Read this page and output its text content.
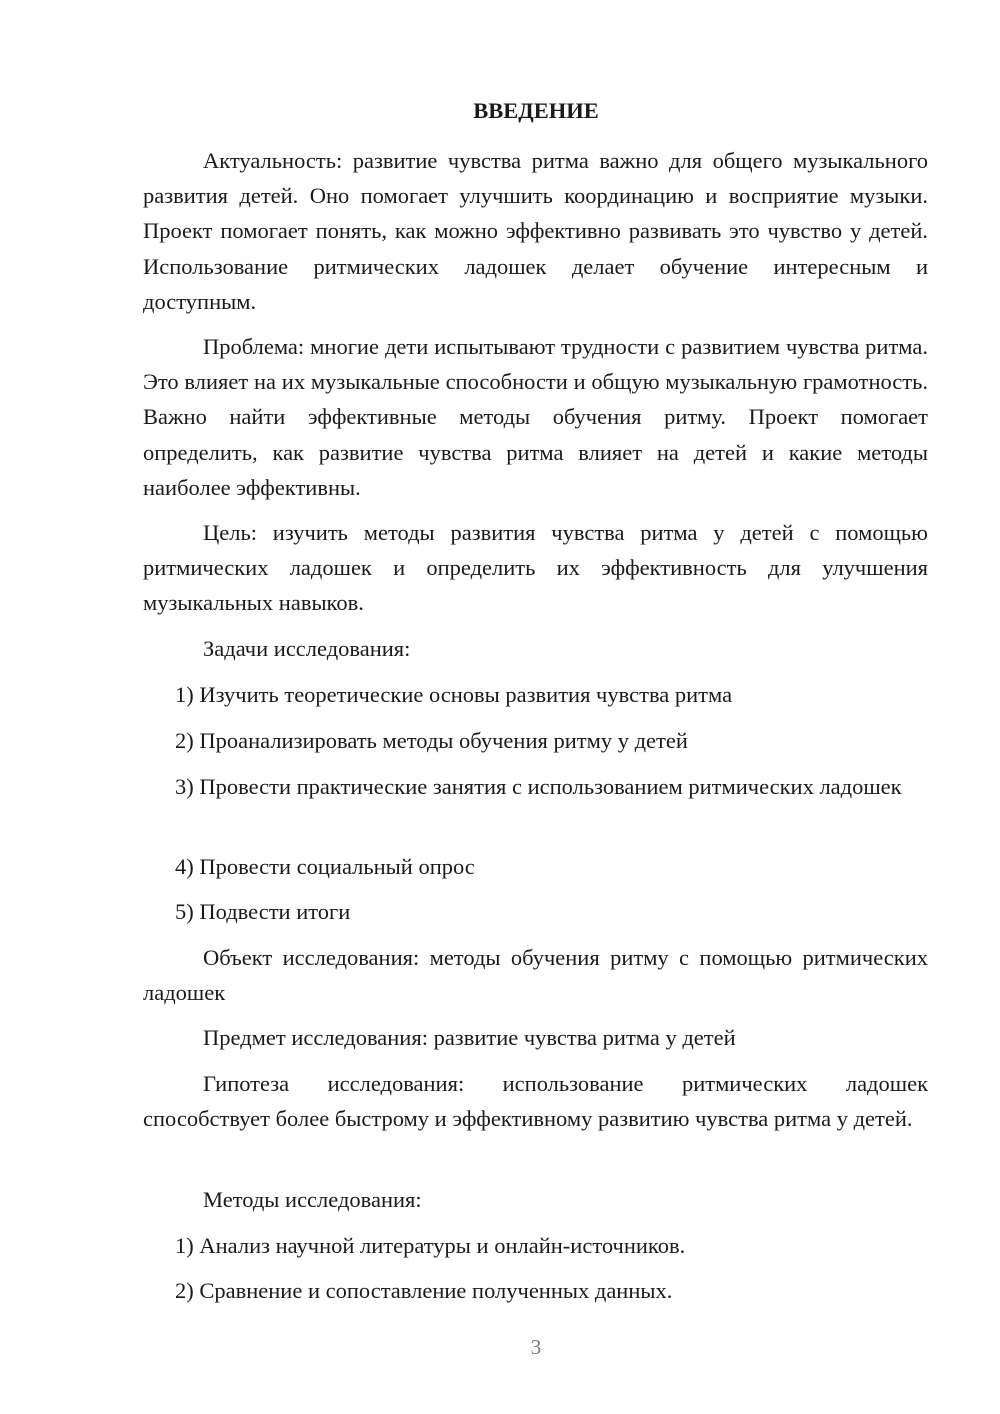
ВВЕДЕНИЕ

Актуальность: развитие чувства ритма важно для общего музыкального развития детей. Оно помогает улучшить координацию и восприятие музыки. Проект помогает понять, как можно эффективно развивать это чувство у детей. Использование ритмических ладошек делает обучение интересным и доступным.

Проблема: многие дети испытывают трудности с развитием чувства ритма. Это влияет на их музыкальные способности и общую музыкальную грамотность. Важно найти эффективные методы обучения ритму. Проект помогает определить, как развитие чувства ритма влияет на детей и какие методы наиболее эффективны.

Цель: изучить методы развития чувства ритма у детей с помощью ритмических ладошек и определить их эффективность для улучшения музыкальных навыков.

Задачи исследования:

1) Изучить теоретические основы развития чувства ритма

2) Проанализировать методы обучения ритму у детей

3) Провести практические занятия с использованием ритмических ладошек

4) Провести социальный опрос

5) Подвести итоги

Объект исследования: методы обучения ритму с помощью ритмических ладошек

Предмет исследования: развитие чувства ритма у детей

Гипотеза исследования: использование ритмических ладошек способствует более быстрому и эффективному развитию чувства ритма у детей.

Методы исследования:

1) Анализ научной литературы и онлайн-источников.

2) Сравнение и сопоставление полученных данных.

3
